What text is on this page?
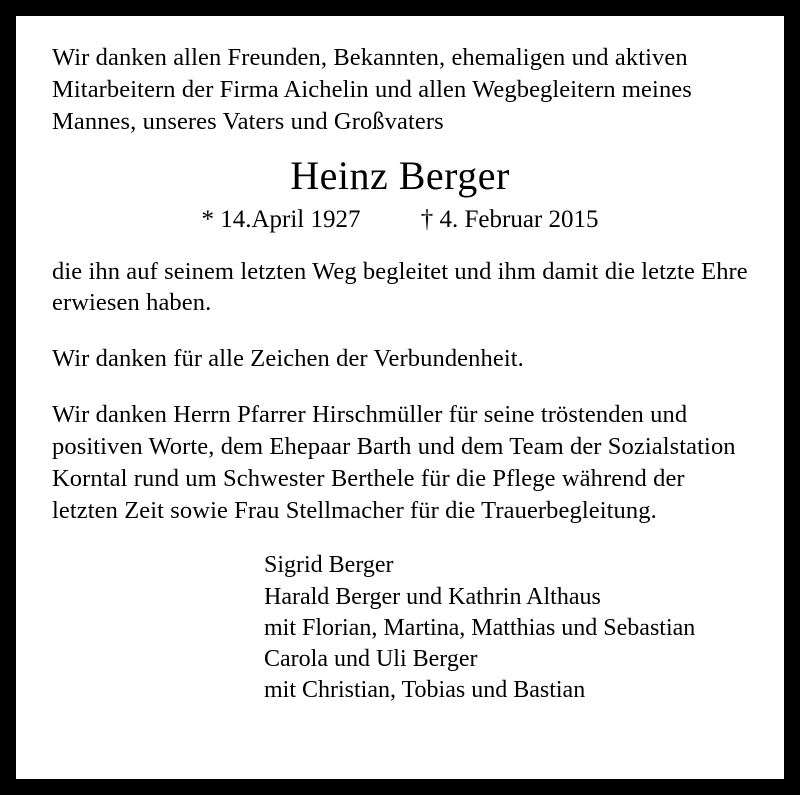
Wir danken allen Freunden, Bekannten, ehemaligen und aktiven Mitarbeitern der Firma Aichelin und allen Wegbegleitern meines Mannes, unseres Vaters und Großvaters

Heinz Berger
* 14.April 1927 † 4. Februar 2015

die ihn auf seinem letzten Weg begleitet und ihm damit die letzte Ehre erwiesen haben.

Wir danken für alle Zeichen der Verbundenheit.

Wir danken Herrn Pfarrer Hirschmüller für seine tröstenden und positiven Worte, dem Ehepaar Barth und dem Team der Sozialstation Korntal rund um Schwester Berthele für die Pflege während der letzten Zeit sowie Frau Stellmacher für die Trauerbegleitung.

Sigrid Berger
Harald Berger und Kathrin Althaus
mit Florian, Martina, Matthias und Sebastian
Carola und Uli Berger
mit Christian, Tobias und Bastian
